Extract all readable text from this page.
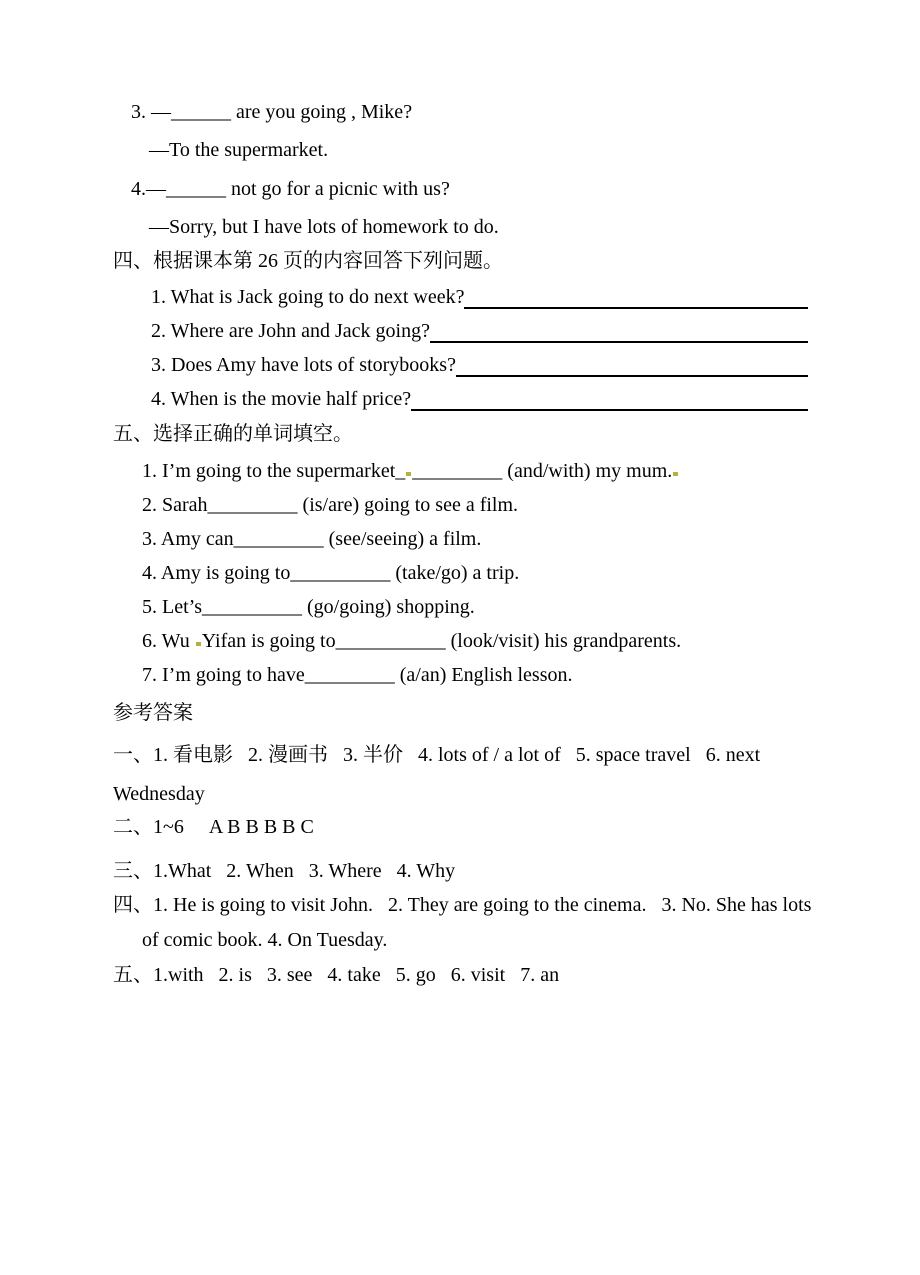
3. —______ are you going , Mike?
—To the supermarket.
4.—______ not go for a picnic with us?
—Sorry, but I have lots of homework to do.
四、根据课本第 26 页的内容回答下列问题。
1. What is Jack going to do next week?
2. Where are John and Jack going?
3. Does Amy have lots of storybooks?
4. When is the movie half price?
五、选择正确的单词填空。
1. I’m going to the supermarket_ _________ (and/with) my mum.
2. Sarah_________ (is/are) going to see a film.
3. Amy can_________ (see/seeing) a film.
4. Amy is going to__________ (take/go) a trip.
5. Let’s__________ (go/going) shopping.
6. Wu Yifan is going to___________ (look/visit) his grandparents.
7. I’m going to have_________ (a/an) English lesson.
参考答案
一、1. 看电影   2. 漫画书   3. 半价   4. lots of / a lot of   5. space travel   6. next
Wednesday
二、1~6     A B B B B C
三、1.What   2. When   3. Where   4. Why
四、1. He is going to visit John.   2. They are going to the cinema.   3. No. She has lots
of comic book. 4. On Tuesday.
五、1.with   2. is   3. see   4. take   5. go   6. visit   7. an
